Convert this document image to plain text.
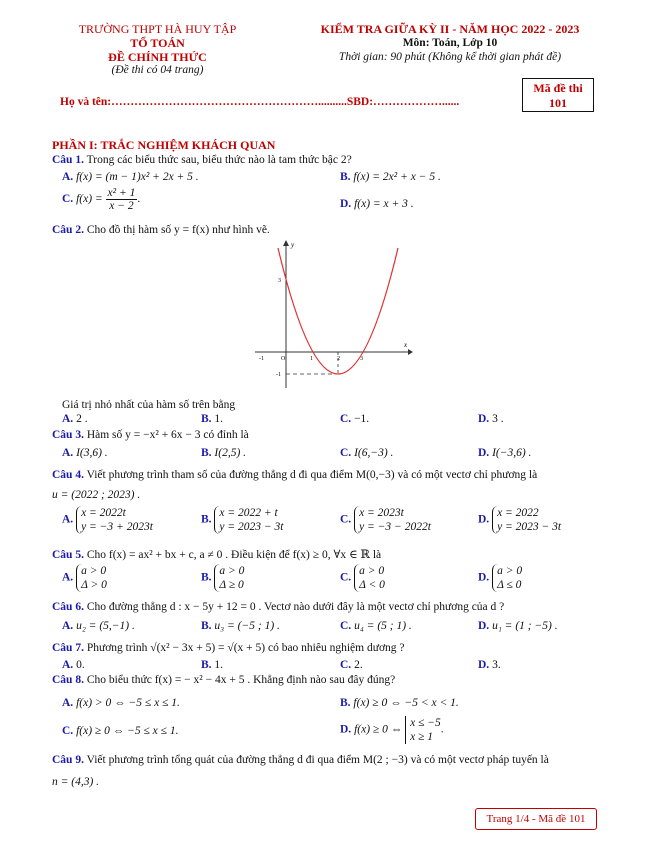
TRƯỜNG THPT HÀ HUY TẬP
TỔ TOÁN
ĐỀ CHÍNH THỨC
(Đề thi có 04 trang)
KIỂM TRA GIỮA KỲ II - NĂM HỌC 2022 - 2023
Môn: Toán, Lớp 10
Thời gian: 90 phút (Không kể thời gian phát đề)
Mã đề thi
101
Họ và tên:………………………………………………..........SBD:………………......
PHẦN I: TRẮC NGHIỆM KHÁCH QUAN
Câu 1. Trong các biểu thức sau, biểu thức nào là tam thức bậc 2?
A. f(x) = (m − 1)x² + 2x + 5 .	B. f(x) = 2x² + x − 5 .
C. $f(x) = \frac{\text{x² + 1}}{x - 2}$ .	D. f(x) = x + 3 .
Câu 2. Cho đồ thị hàm số y = f(x) như hình vẽ.
x
y
-1	O	1	2	3
3
-1
Giá trị nhỏ nhất của hàm số trên bằng
A. 2 .	B. 1.	C. −1.	D. 3 .
Câu 3. Hàm số y = −x² + 6x − 3 có đỉnh là
A. I(3,6) .	B. I(2,5) .	C. I(6,−3) .	D. I(−3,6) .
Câu 4. Viết phương trình tham số của đường thẳng d đi qua điểm M(0,−3) và có một vectơ chỉ phương là
u = (2022 ; 2023) .
A.
x = 2022t
y = −3 + 2023t
B.
x = 2022 + t
y = 2023 − 3t
C.
x = 2023t
y = −3 − 2022t
D.
x = 2022
y = 2023 − 3t
Câu 5. Cho f(x) = ax² + bx + c, a ≠ 0 . Điều kiện để f(x) ≥ 0, ∀x ∈ ℝ là
A.
a > 0
Δ > 0
B.
a > 0
Δ ≥ 0
C.
a > 0
Δ < 0
D.
a > 0
Δ ≤ 0
Câu 6. Cho đường thẳng d : x − 5y + 12 = 0 . Vectơ nào dưới đây là một vectơ chỉ phương của d ?
A. u₂ = (5,−1) .	B. u₃ = (−5 ; 1) .	C. u₄ = (5 ; 1) .	D. u₁ = (1 ; −5) .
Câu 7. Phương trình √(x² − 3x + 5) = √(x + 5) có bao nhiêu nghiệm dương ?
A. 0.	B. 1.	C. 2.	D. 3.
Câu 8. Cho biểu thức f(x) = − x² − 4x + 5 . Khẳng định nào sau đây đúng?
A. f(x) > 0 ⇔ −5 ≤ x ≤ 1.	B. f(x) ≥ 0 ⇔ −5 < x < 1.
C. f(x) ≥ 0 ⇔ −5 ≤ x ≤ 1.	D. f(x) ≥ 0 ⇔
x ≤ −5
x ≥ 1
.
Câu 9. Viết phương trình tổng quát của đường thẳng d đi qua điểm M(2 ; −3) và có một vectơ pháp tuyến là
n = (4,3) .
Trang 1/4 - Mã đề 101
